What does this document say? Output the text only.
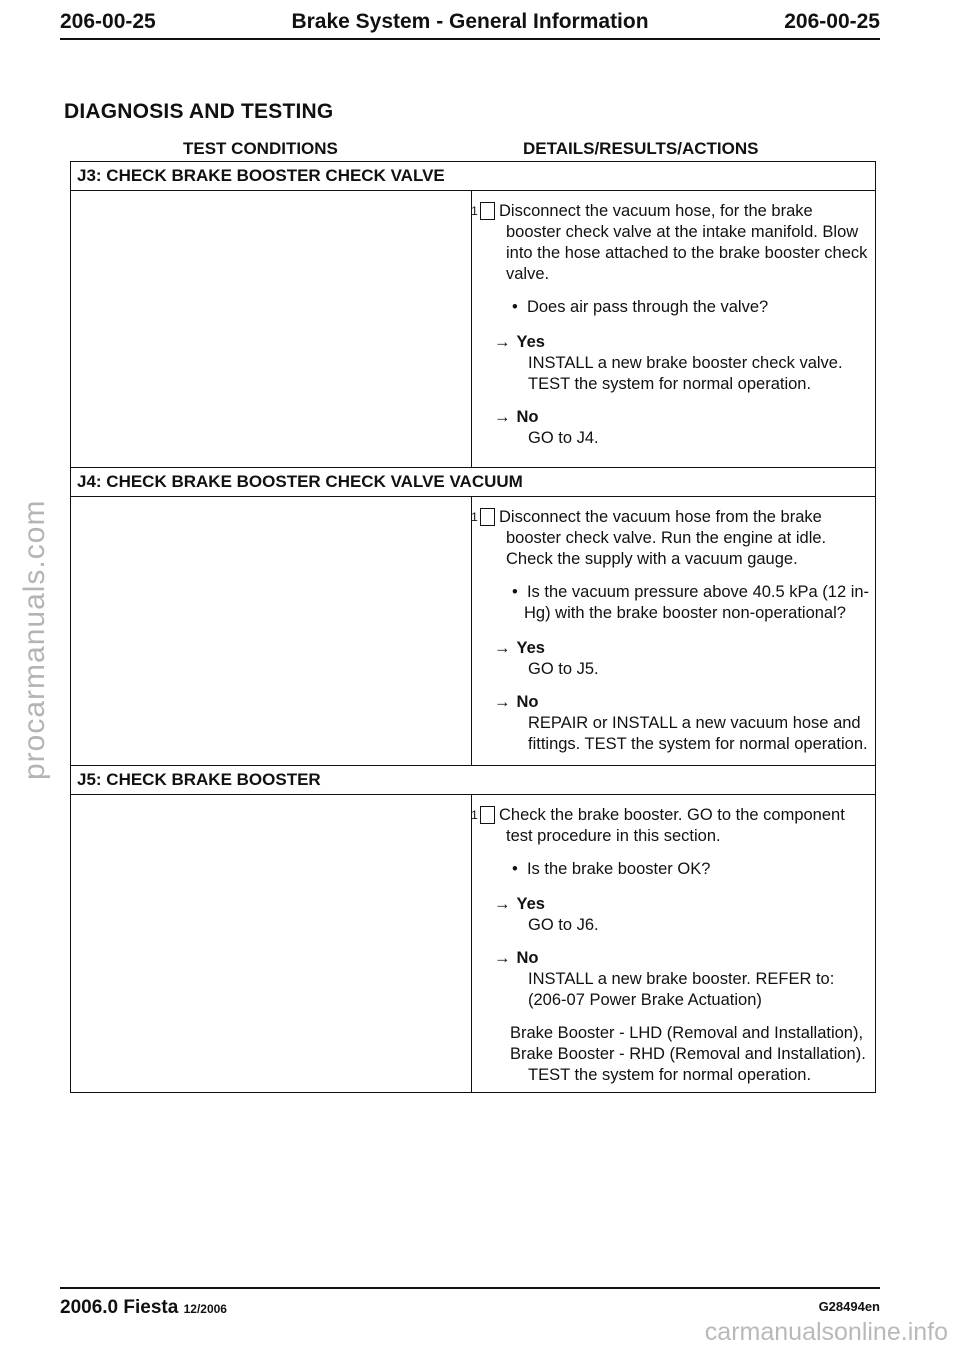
206-00-25	Brake System - General Information	206-00-25
DIAGNOSIS AND TESTING
TEST CONDITIONS	DETAILS/RESULTS/ACTIONS
J3: CHECK BRAKE BOOSTER CHECK VALVE

1 Disconnect the vacuum hose, for the brake booster check valve at the intake manifold. Blow into the hose attached to the brake booster check valve.

•  Does air pass through the valve?

→ Yes
INSTALL a new brake booster check valve. TEST the system for normal operation.
→ No
GO to J4.
J4: CHECK BRAKE BOOSTER CHECK VALVE VACUUM

1 Disconnect the vacuum hose from the brake booster check valve. Run the engine at idle. Check the supply with a vacuum gauge.

•  Is the vacuum pressure above 40.5 kPa (12 in-Hg) with the brake booster non-operational?

→ Yes
GO to J5.
→ No
REPAIR or INSTALL a new vacuum hose and fittings. TEST the system for normal operation.
J5: CHECK BRAKE BOOSTER

1 Check the brake booster. GO to the component test procedure in this section.

•  Is the brake booster OK?

→ Yes
GO to J6.
→ No
INSTALL a new brake booster. REFER to: (206-07 Power Brake Actuation)

Brake Booster - LHD (Removal and Installation),

Brake Booster - RHD (Removal and Installation).

TEST the system for normal operation.

2006.0 Fiesta 12/2006	G28494en
procarmanuals.com
carmanualsonline.info
